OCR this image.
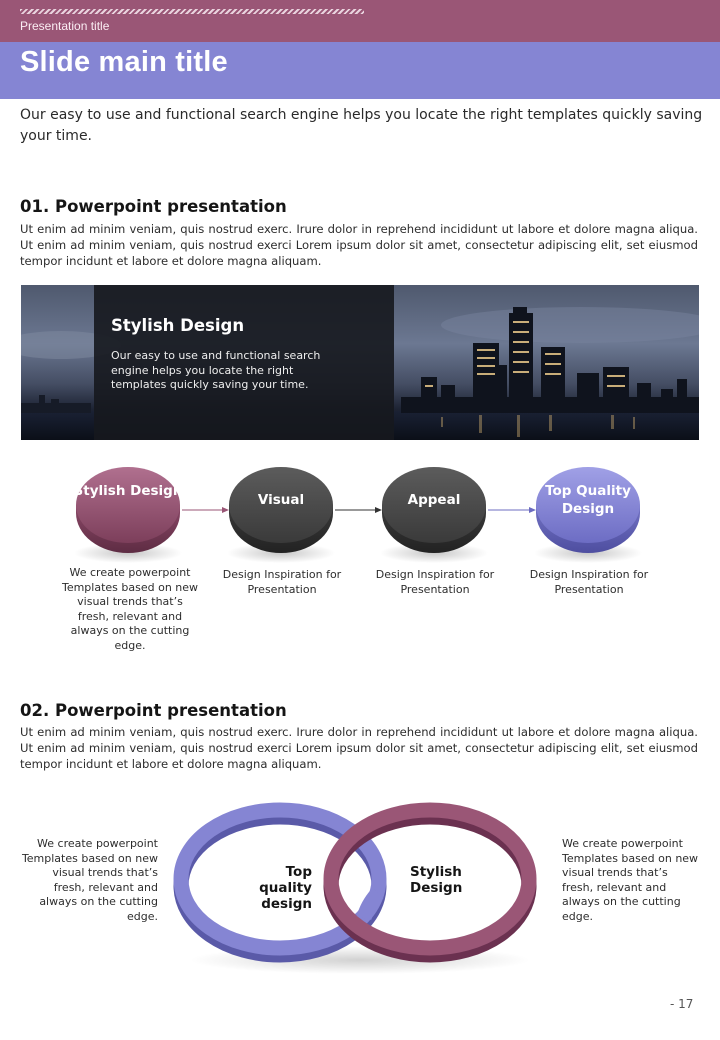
Presentation title
Slide main title
Our easy to use and functional search engine helps you locate the right templates quickly saving your time.
01. Powerpoint presentation
Ut enim ad minim veniam, quis nostrud exerc. Irure dolor in reprehend incididunt ut labore et dolore magna aliqua. Ut enim ad minim veniam, quis nostrud exerci Lorem ipsum dolor sit amet, consectetur adipiscing elit, set eiusmod tempor incidunt et labore et dolore magna aliquam.
Stylish Design
Our easy to use and functional search engine helps you locate the right templates quickly saving your time.
Stylish Design
Visual	Appeal
Top Quality Design
We create powerpoint Templates based on new visual trends that’s fresh, relevant and always on the cutting edge.
Design Inspiration for Presentation
Design Inspiration for Presentation
Design Inspiration for Presentation
02. Powerpoint presentation
Ut enim ad minim veniam, quis nostrud exerc. Irure dolor in reprehend incididunt ut labore et dolore magna aliqua. Ut enim ad minim veniam, quis nostrud exerci Lorem ipsum dolor sit amet, consectetur adipiscing elit, set eiusmod tempor incidunt et labore et dolore magna aliquam.
We create powerpoint Templates based on new visual trends that’s fresh, relevant and always on the cutting edge.
We create powerpoint Templates based on new visual trends that’s fresh, relevant and always on the cutting edge.
Top quality design
Stylish Design
- 17
